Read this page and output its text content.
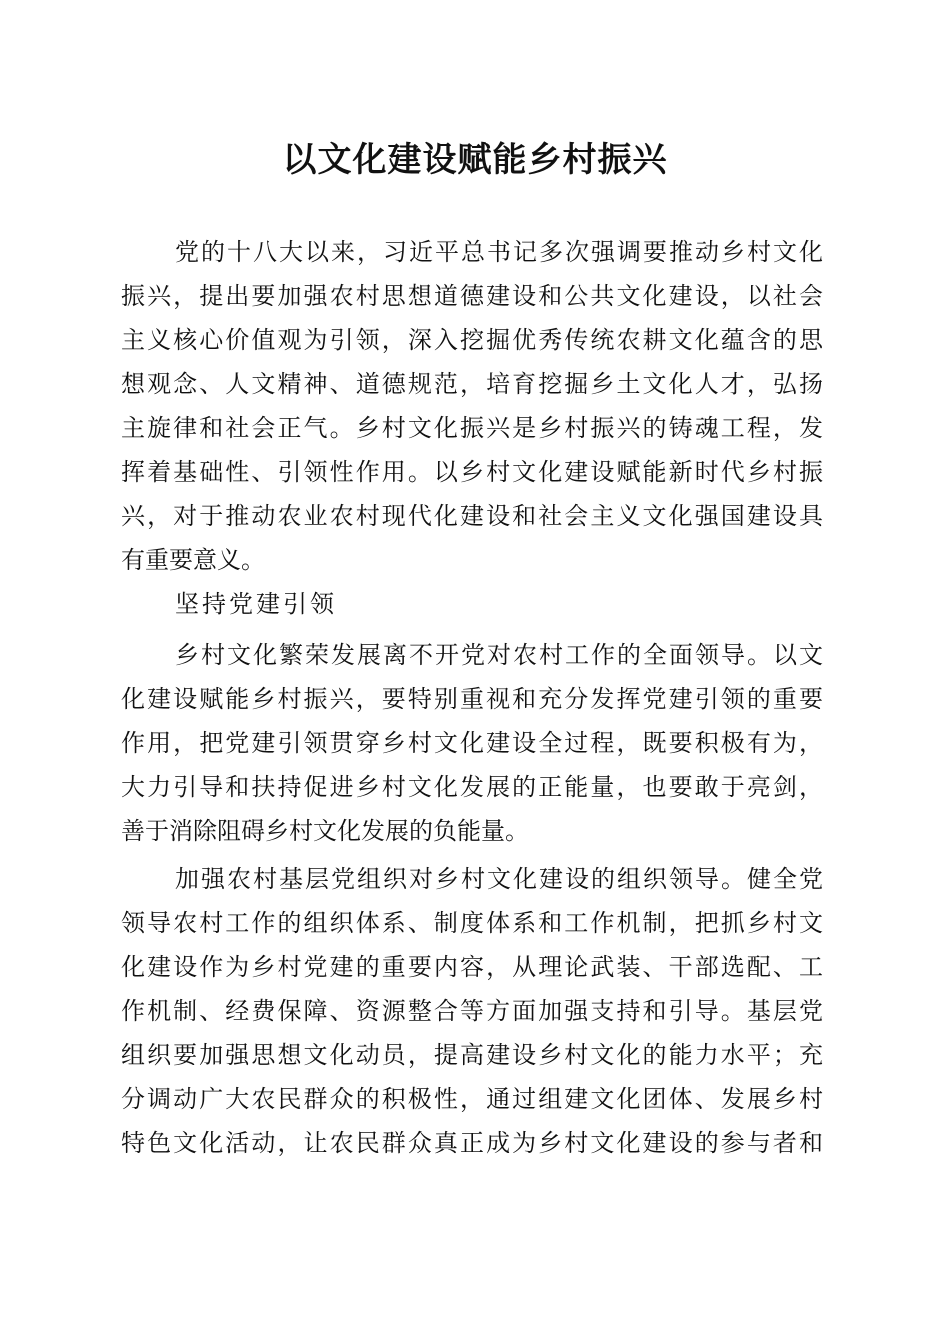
以文化建设赋能乡村振兴
党的十八大以来，习近平总书记多次强调要推动乡村文化
振兴，提出要加强农村思想道德建设和公共文化建设，以社会
主义核心价值观为引领，深入挖掘优秀传统农耕文化蕴含的思
想观念、人文精神、道德规范，培育挖掘乡土文化人才，弘扬
主旋律和社会正气。乡村文化振兴是乡村振兴的铸魂工程，发
挥着基础性、引领性作用。以乡村文化建设赋能新时代乡村振
兴，对于推动农业农村现代化建设和社会主义文化强国建设具
有重要意义。
坚持党建引领
乡村文化繁荣发展离不开党对农村工作的全面领导。以文
化建设赋能乡村振兴，要特别重视和充分发挥党建引领的重要
作用，把党建引领贯穿乡村文化建设全过程，既要积极有为，
大力引导和扶持促进乡村文化发展的正能量，也要敢于亮剑，
善于消除阻碍乡村文化发展的负能量。
加强农村基层党组织对乡村文化建设的组织领导。健全党
领导农村工作的组织体系、制度体系和工作机制，把抓乡村文
化建设作为乡村党建的重要内容，从理论武装、干部选配、工
作机制、经费保障、资源整合等方面加强支持和引导。基层党
组织要加强思想文化动员，提高建设乡村文化的能力水平；充
分调动广大农民群众的积极性，通过组建文化团体、发展乡村
特色文化活动，让农民群众真正成为乡村文化建设的参与者和
